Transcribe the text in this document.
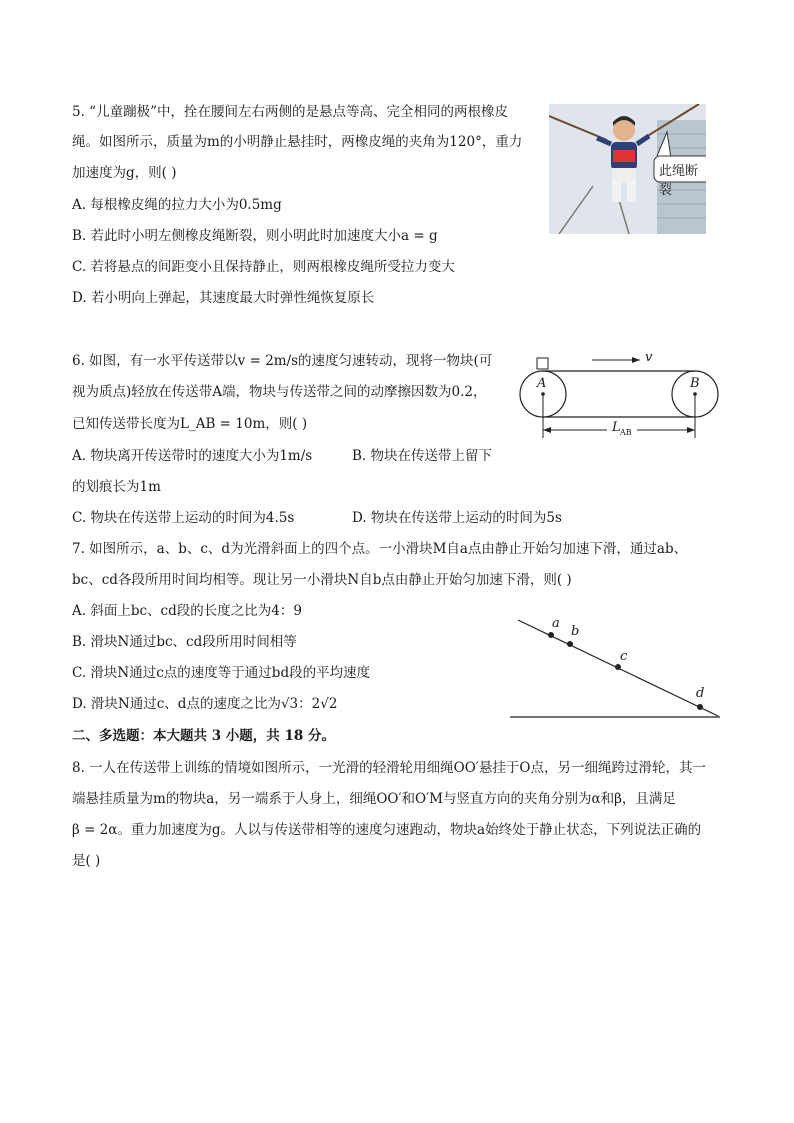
5. “儿童蹦极”中，拴在腰间左右两侧的是悬点等高、完全相同的两根橡皮
绳。如图所示，质量为m的小明静止悬挂时，两橡皮绳的夹角为120°，重力
加速度为g，则( )
A. 每根橡皮绳的拉力大小为0.5mg
B. 若此时小明左侧橡皮绳断裂，则小明此时加速度大小a = g
C. 若将悬点的间距变小且保持静止，则两根橡皮绳所受拉力变大
D. 若小明向上弹起，其速度最大时弹性绳恢复原长
此绳断裂
6. 如图，有一水平传送带以v = 2m/s的速度匀速转动，现将一物块(可
视为质点)轻放在传送带A端，物块与传送带之间的动摩擦因数为0.2，
已知传送带长度为L_AB = 10m，则( )
A. 物块离开传送带时的速度大小为1m/s	B. 物块在传送带上留下
的划痕长为1m
C. 物块在传送带上运动的时间为4.5s	D. 物块在传送带上运动的时间为5s
v
A	B
L AB
7. 如图所示，a、b、c、d为光滑斜面上的四个点。一小滑块M自a点由静止开始匀加速下滑，通过ab、
bc、cd各段所用时间均相等。现让另一小滑块N自b点由静止开始匀加速下滑，则( )
A. 斜面上bc、cd段的长度之比为4：9
B. 滑块N通过bc、cd段所用时间相等
C. 滑块N通过c点的速度等于通过bd段的平均速度
D. 滑块N通过c、d点的速度之比为√3：2√2
a
b
c
d
二、多选题：本大题共 3 小题，共 18 分。
8. 一人在传送带上训练的情境如图所示，一光滑的轻滑轮用细绳OO′悬挂于O点，另一细绳跨过滑轮，其一
端悬挂质量为m的物块a，另一端系于人身上，细绳OO′和O′M与竖直方向的夹角分别为α和β，且满足
β = 2α。重力加速度为g。人以与传送带相等的速度匀速跑动，物块a始终处于静止状态，下列说法正确的
是( )
